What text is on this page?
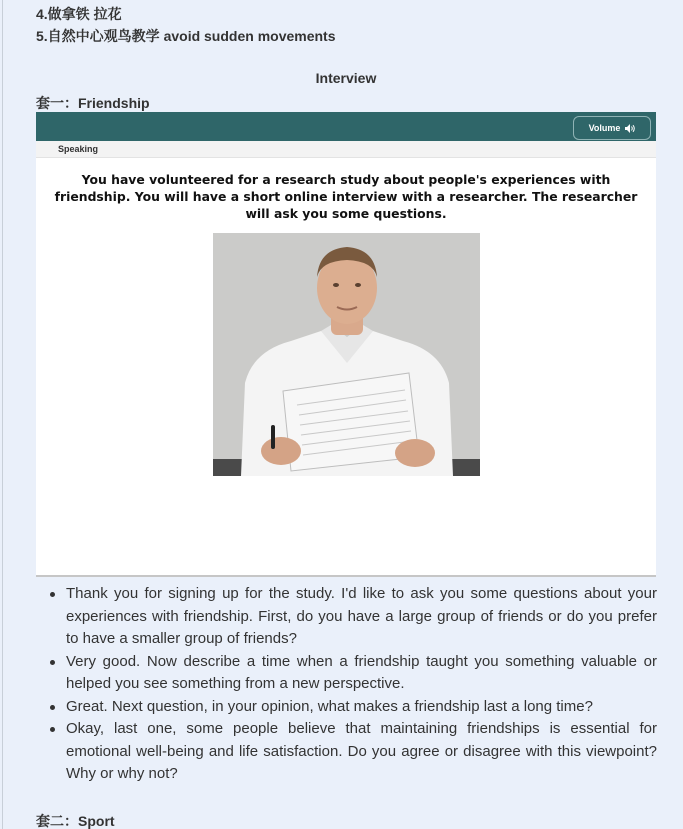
4.做拿铁 拉花
5.自然中心观鸟教学 avoid sudden movements
Interview
套一：Friendship
Volume
Speaking
You have volunteered for a research study about people's experiences with friendship. You will have a short online interview with a researcher. The researcher will ask you some questions.
Thank you for signing up for the study. I'd like to ask you some questions about your experiences with friendship. First, do you have a large group of friends or do you prefer to have a smaller group of friends?
Very good. Now describe a time when a friendship taught you something valuable or helped you see something from a new perspective.
Great. Next question, in your opinion, what makes a friendship last a long time?
Okay, last one, some people believe that maintaining friendships is essential for emotional well-being and life satisfaction. Do you agree or disagree with this viewpoint? Why or why not?
套二：Sport
